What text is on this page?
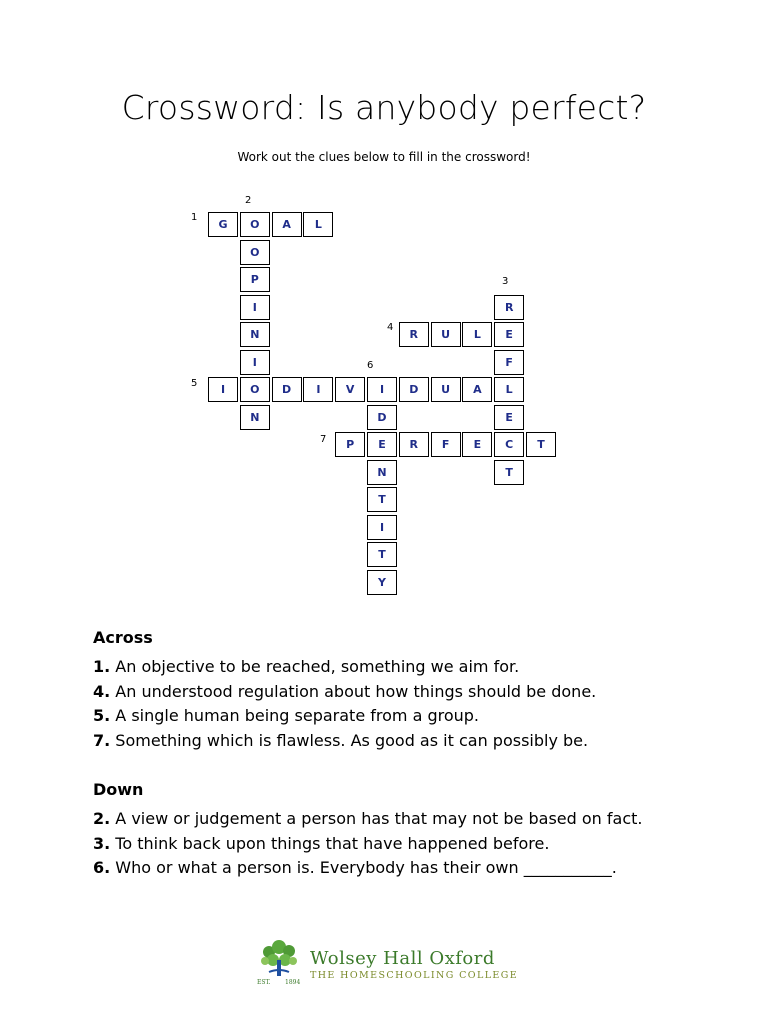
Crossword: Is anybody perfect?
Work out the clues below to fill in the crossword!
G	O	A	L
O
P
I
N
I
O
N
R
E
F
L
E
C
T
R	U	L
I	D	I	V	I	D	U	A
D
E
N
T
I
T
Y
P	R	F	E	T
1
2
3
4
5
6
7
Across
1. An objective to be reached, something we aim for.
4. An understood regulation about how things should be done.
5. A single human being separate from a group.
7. Something which is flawless. As good as it can possibly be.
Down
2. A view or judgement a person has that may not be based on fact.
3. To think back upon things that have happened before.
6. Who or what a person is. Everybody has their own ___________.
EST. 1894
Wolsey Hall Oxford
THE HOMESCHOOLING COLLEGE
